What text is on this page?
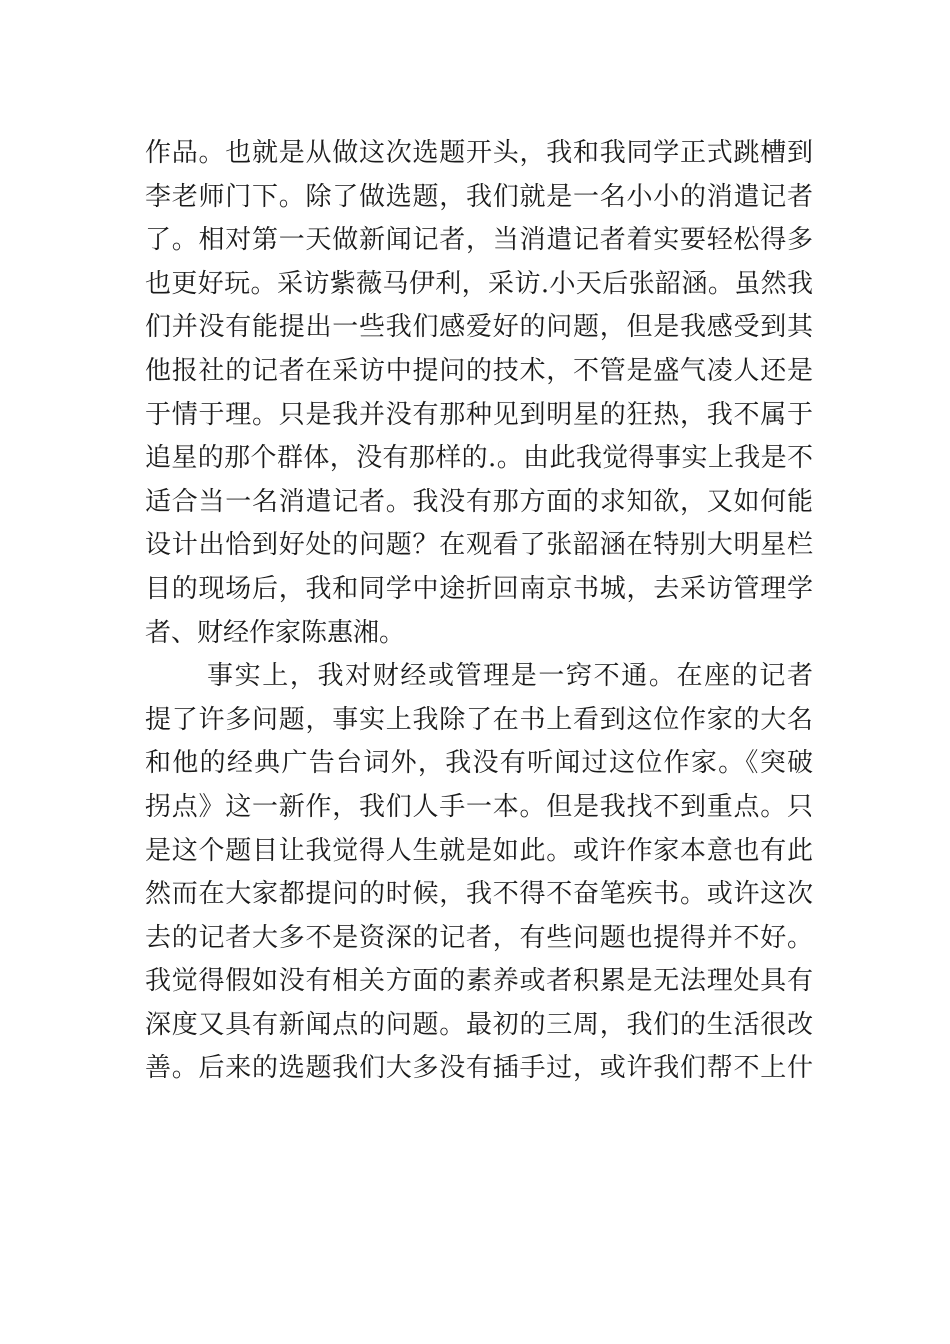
作品。也就是从做这次选题开头，我和我同学正式跳槽到
李老师门下。除了做选题，我们就是一名小小的消遣记者
了。相对第一天做新闻记者，当消遣记者着实要轻松得多
也更好玩。采访紫薇马伊利，采访.小天后张韶涵。虽然我
们并没有能提出一些我们感爱好的问题，但是我感受到其
他报社的记者在采访中提问的技术，不管是盛气凌人还是
于情于理。只是我并没有那种见到明星的狂热，我不属于
追星的那个群体，没有那样的.。由此我觉得事实上我是不
适合当一名消遣记者。我没有那方面的求知欲，又如何能
设计出恰到好处的问题？在观看了张韶涵在特别大明星栏
目的现场后，我和同学中途折回南京书城，去采访管理学
者、财经作家陈惠湘。
事实上，我对财经或管理是一窍不通。在座的记者
提了许多问题，事实上我除了在书上看到这位作家的大名
和他的经典广告台词外，我没有听闻过这位作家。《突破
拐点》这一新作，我们人手一本。但是我找不到重点。只
是这个题目让我觉得人生就是如此。或许作家本意也有此
然而在大家都提问的时候，我不得不奋笔疾书。或许这次
去的记者大多不是资深的记者，有些问题也提得并不好。
我觉得假如没有相关方面的素养或者积累是无法理处具有
深度又具有新闻点的问题。最初的三周，我们的生活很改
善。后来的选题我们大多没有插手过，或许我们帮不上什
